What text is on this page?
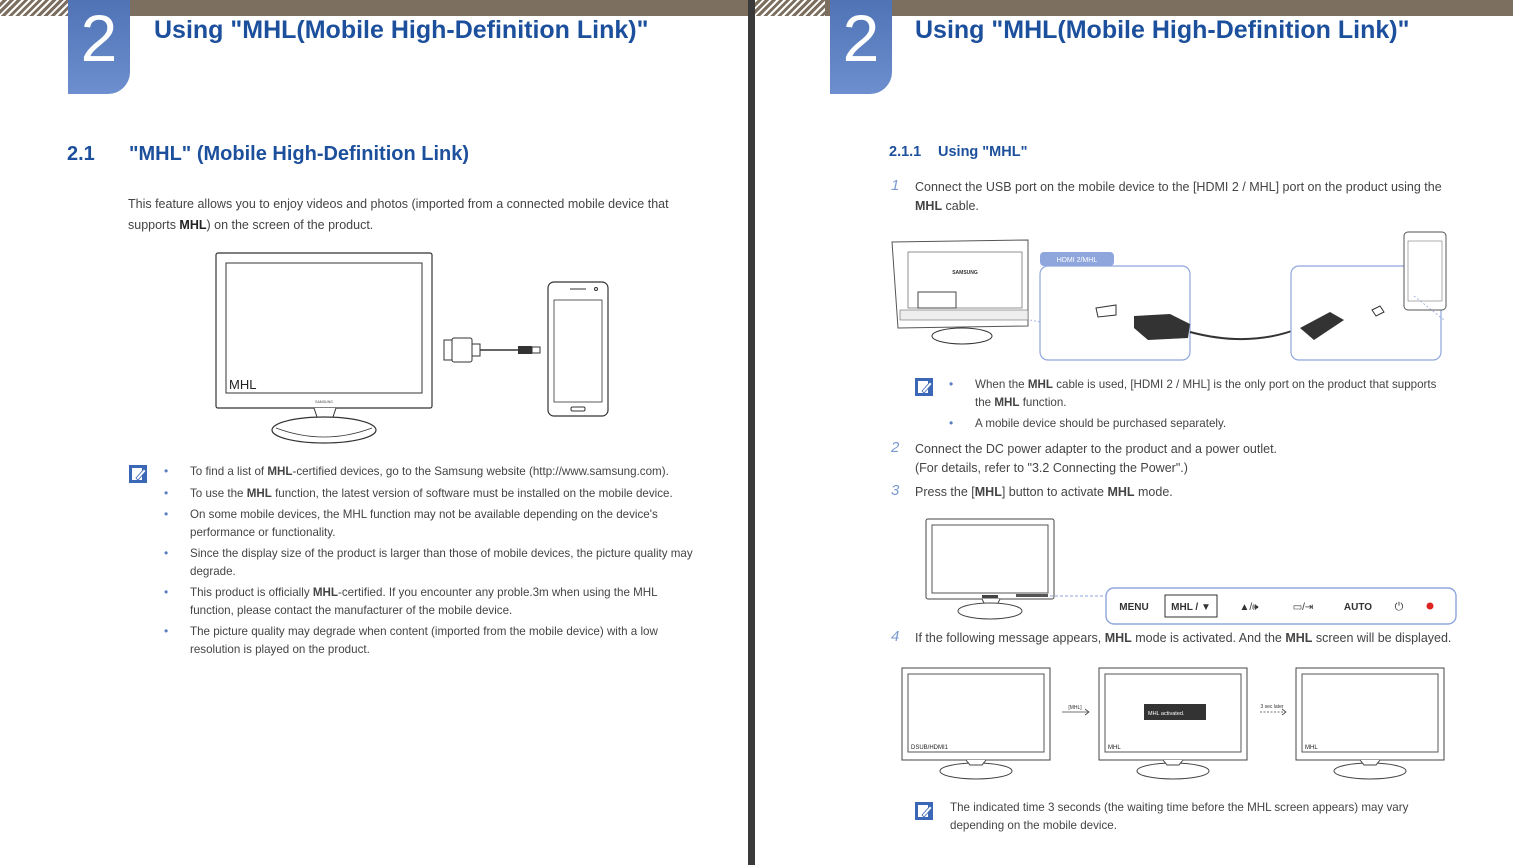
2	Using "MHL(Mobile High-Definition Link)"
2.1 "MHL" (Mobile High-Definition Link)
This feature allows you to enjoy videos and photos (imported from a connected mobile device that supports MHL) on the screen of the product.
MHL
SAMSUNG
• To find a list of MHL-certified devices, go to the Samsung website (http://www.samsung.com).
• To use the MHL function, the latest version of software must be installed on the mobile device.
• On some mobile devices, the MHL function may not be available depending on the device's performance or functionality.
• Since the display size of the product is larger than those of mobile devices, the picture quality may degrade.
• This product is officially MHL-certified. If you encounter any proble.3m when using the MHL function, please contact the manufacturer of the mobile device.
• The picture quality may degrade when content (imported from the mobile device) with a low resolution is played on the product.
2	Using "MHL(Mobile High-Definition Link)"
2.1.1 Using "MHL"
1 Connect the USB port on the mobile device to the [HDMI 2 / MHL] port on the product using the MHL cable.
SAMSUNG
HDMI 2/MHL
• When the MHL cable is used, [HDMI 2 / MHL] is the only port on the product that supports the MHL function.
• A mobile device should be purchased separately.
2 Connect the DC power adapter to the product and a power outlet.
(For details, refer to "3.2 Connecting the Power".)
3 Press the [MHL] button to activate MHL mode.
MENU MHL / ▼	▲/🕪	▭/⇥	AUTO ⏻
4 If the following message appears, MHL mode is activated. And the MHL screen will be displayed.
DSUB/HDMI1
[MHL]
MHL activated.
MHL
3 sec later
MHL
The indicated time 3 seconds (the waiting time before the MHL screen appears) may vary depending on the mobile device.
